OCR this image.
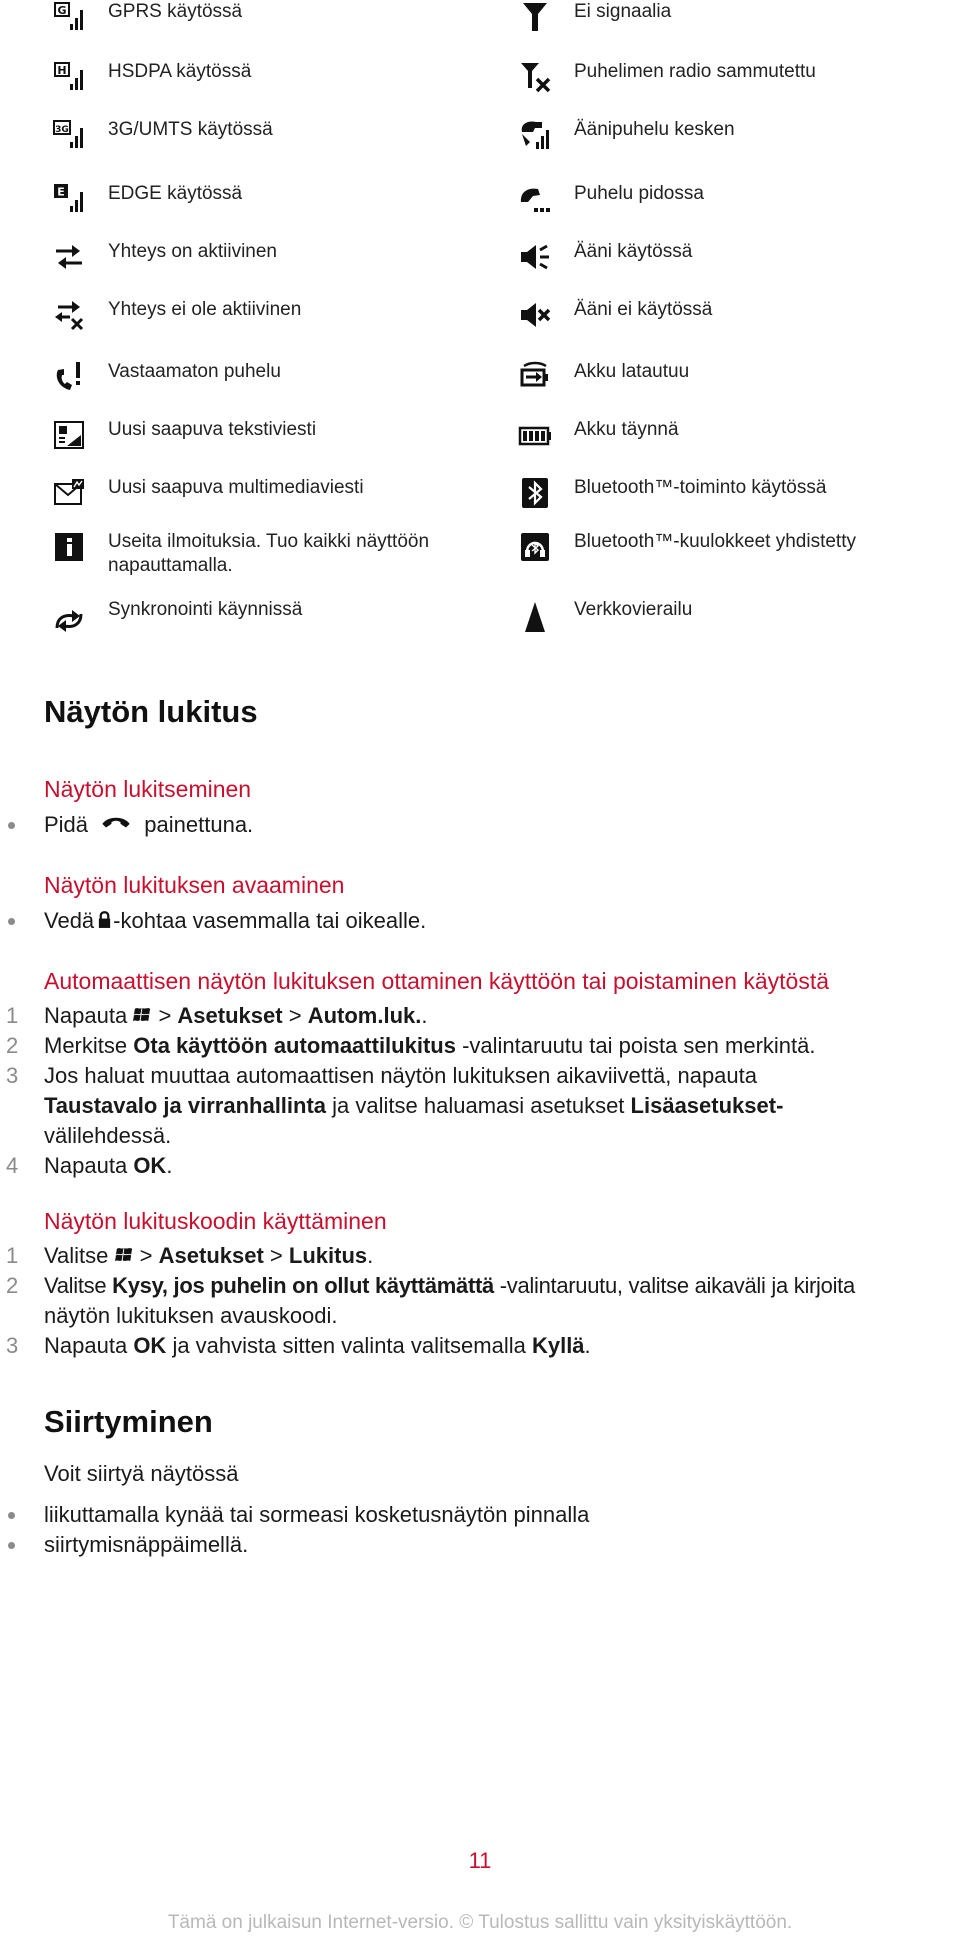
G GPRS käytössä
H HSDPA käytössä
3G 3G/UMTS käytössä
E EDGE käytössä
Yhteys on aktiivinen
Yhteys ei ole aktiivinen
Vastaamaton puhelu
Uusi saapuva tekstiviesti
Uusi saapuva multimediaviesti
Useita ilmoituksia. Tuo kaikki näyttöön napauttamalla.
Synkronointi käynnissä
Ei signaalia
Puhelimen radio sammutettu
Äänipuhelu kesken
Puhelu pidossa
Ääni käytössä
Ääni ei käytössä
Akku latautuu
Akku täynnä
Bluetooth™-toiminto käytössä
Bluetooth™-kuulokkeet yhdistetty
Verkkovierailu
Näytön lukitus
Näytön lukitseminen
Pidä	painettuna.
Näytön lukituksen avaaminen
Vedä -kohtaa vasemmalla tai oikealle.
Automaattisen näytön lukituksen ottaminen käyttöön tai poistaminen käytöstä
1 Napauta > Asetukset > Autom.luk..
2 Merkitse Ota käyttöön automaattilukitus -valintaruutu tai poista sen merkintä.
3 Jos haluat muuttaa automaattisen näytön lukituksen aikaviivettä, napauta
Taustavalo ja virranhallinta ja valitse haluamasi asetukset Lisäasetukset-
välilehdessä.
4 Napauta OK.
Näytön lukituskoodin käyttäminen
1 Valitse > Asetukset > Lukitus.
2 Valitse Kysy, jos puhelin on ollut käyttämättä -valintaruutu, valitse aikaväli ja kirjoita
näytön lukituksen avauskoodi.
3 Napauta OK ja vahvista sitten valinta valitsemalla Kyllä.
Siirtyminen
Voit siirtyä näytössä
liikuttamalla kynää tai sormeasi kosketusnäytön pinnalla
siirtymisnäppäimellä.
11
Tämä on julkaisun Internet-versio. © Tulostus sallittu vain yksityiskäyttöön.
